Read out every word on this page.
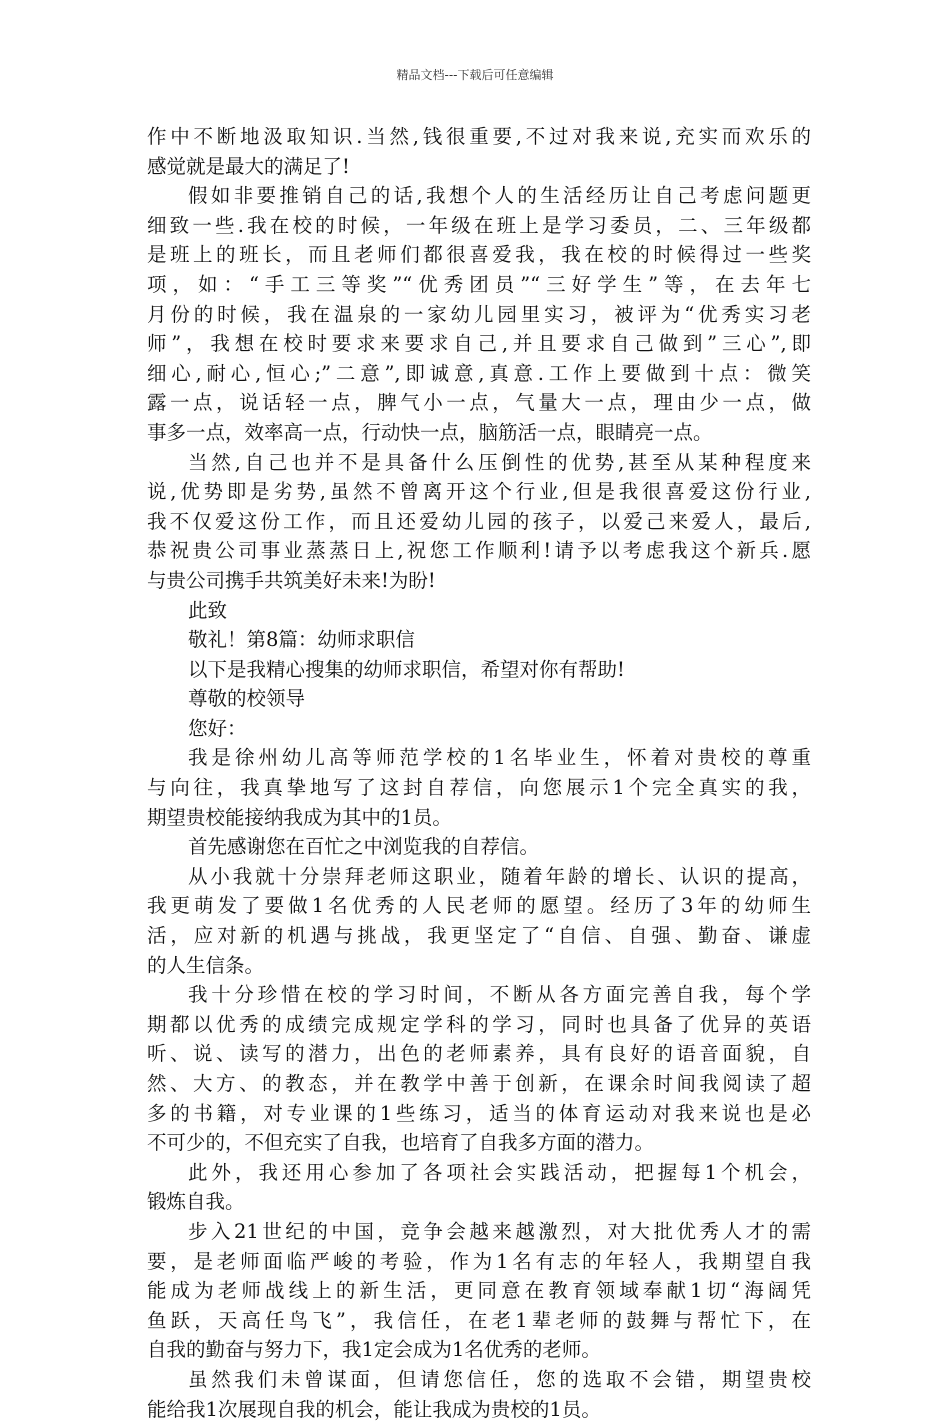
精品文档---下载后可任意编辑
作中不断地汲取知识.当然,钱很重要,不过对我来说,充实而欢乐的
感觉就是最大的满足了!
假如非要推销自己的话,我想个人的生活经历让自己考虑问题更
细致一些.我在校的时候，一年级在班上是学习委员，二、三年级都
是班上的班长，而且老师们都很喜爱我，我在校的时候得过一些奖
项，如：“手工三等奖”“优秀团员”“三好学生”等，在去年七
月份的时候，我在温泉的一家幼儿园里实习，被评为“优秀实习老
师”，我想在校时要求来要求自己,并且要求自己做到”三心”,即
细心,耐心,恒心;”二意”,即诚意,真意.工作上要做到十点：微笑
露一点，说话轻一点，脾气小一点，气量大一点，理由少一点，做
事多一点，效率高一点，行动快一点，脑筋活一点，眼睛亮一点。
当然,自己也并不是具备什么压倒性的优势,甚至从某种程度来
说,优势即是劣势,虽然不曾离开这个行业,但是我很喜爱这份行业,
我不仅爱这份工作，而且还爱幼儿园的孩子，以爱己来爱人，最后,
恭祝贵公司事业蒸蒸日上,祝您工作顺利!请予以考虑我这个新兵.愿
与贵公司携手共筑美好未来!为盼!
此致
敬礼！第8篇：幼师求职信
以下是我精心搜集的幼师求职信，希望对你有帮助!
尊敬的校领导
您好：
我是徐州幼儿高等师范学校的1名毕业生，怀着对贵校的尊重
与向往，我真挚地写了这封自荐信，向您展示1个完全真实的我，
期望贵校能接纳我成为其中的1员。
首先感谢您在百忙之中浏览我的自荐信。
从小我就十分崇拜老师这职业，随着年龄的增长、认识的提高，
我更萌发了要做1名优秀的人民老师的愿望。经历了3年的幼师生
活，应对新的机遇与挑战，我更坚定了“自信、自强、勤奋、谦虚
的人生信条。
我十分珍惜在校的学习时间，不断从各方面完善自我，每个学
期都以优秀的成绩完成规定学科的学习，同时也具备了优异的英语
听、说、读写的潜力，出色的老师素养，具有良好的语音面貌，自
然、大方、的教态，并在教学中善于创新，在课余时间我阅读了超
多的书籍，对专业课的1些练习，适当的体育运动对我来说也是必
不可少的，不但充实了自我，也培育了自我多方面的潜力。
此外，我还用心参加了各项社会实践活动，把握每1个机会，
锻炼自我。
步入21世纪的中国，竞争会越来越激烈，对大批优秀人才的需
要，是老师面临严峻的考验，作为1名有志的年轻人，我期望自我
能成为老师战线上的新生活，更同意在教育领域奉献1切“海阔凭
鱼跃，天高任鸟飞”，我信任，在老1辈老师的鼓舞与帮忙下，在
自我的勤奋与努力下，我1定会成为1名优秀的老师。
虽然我们未曾谋面，但请您信任，您的选取不会错，期望贵校
能给我1次展现自我的机会，能让我成为贵校的1员。
